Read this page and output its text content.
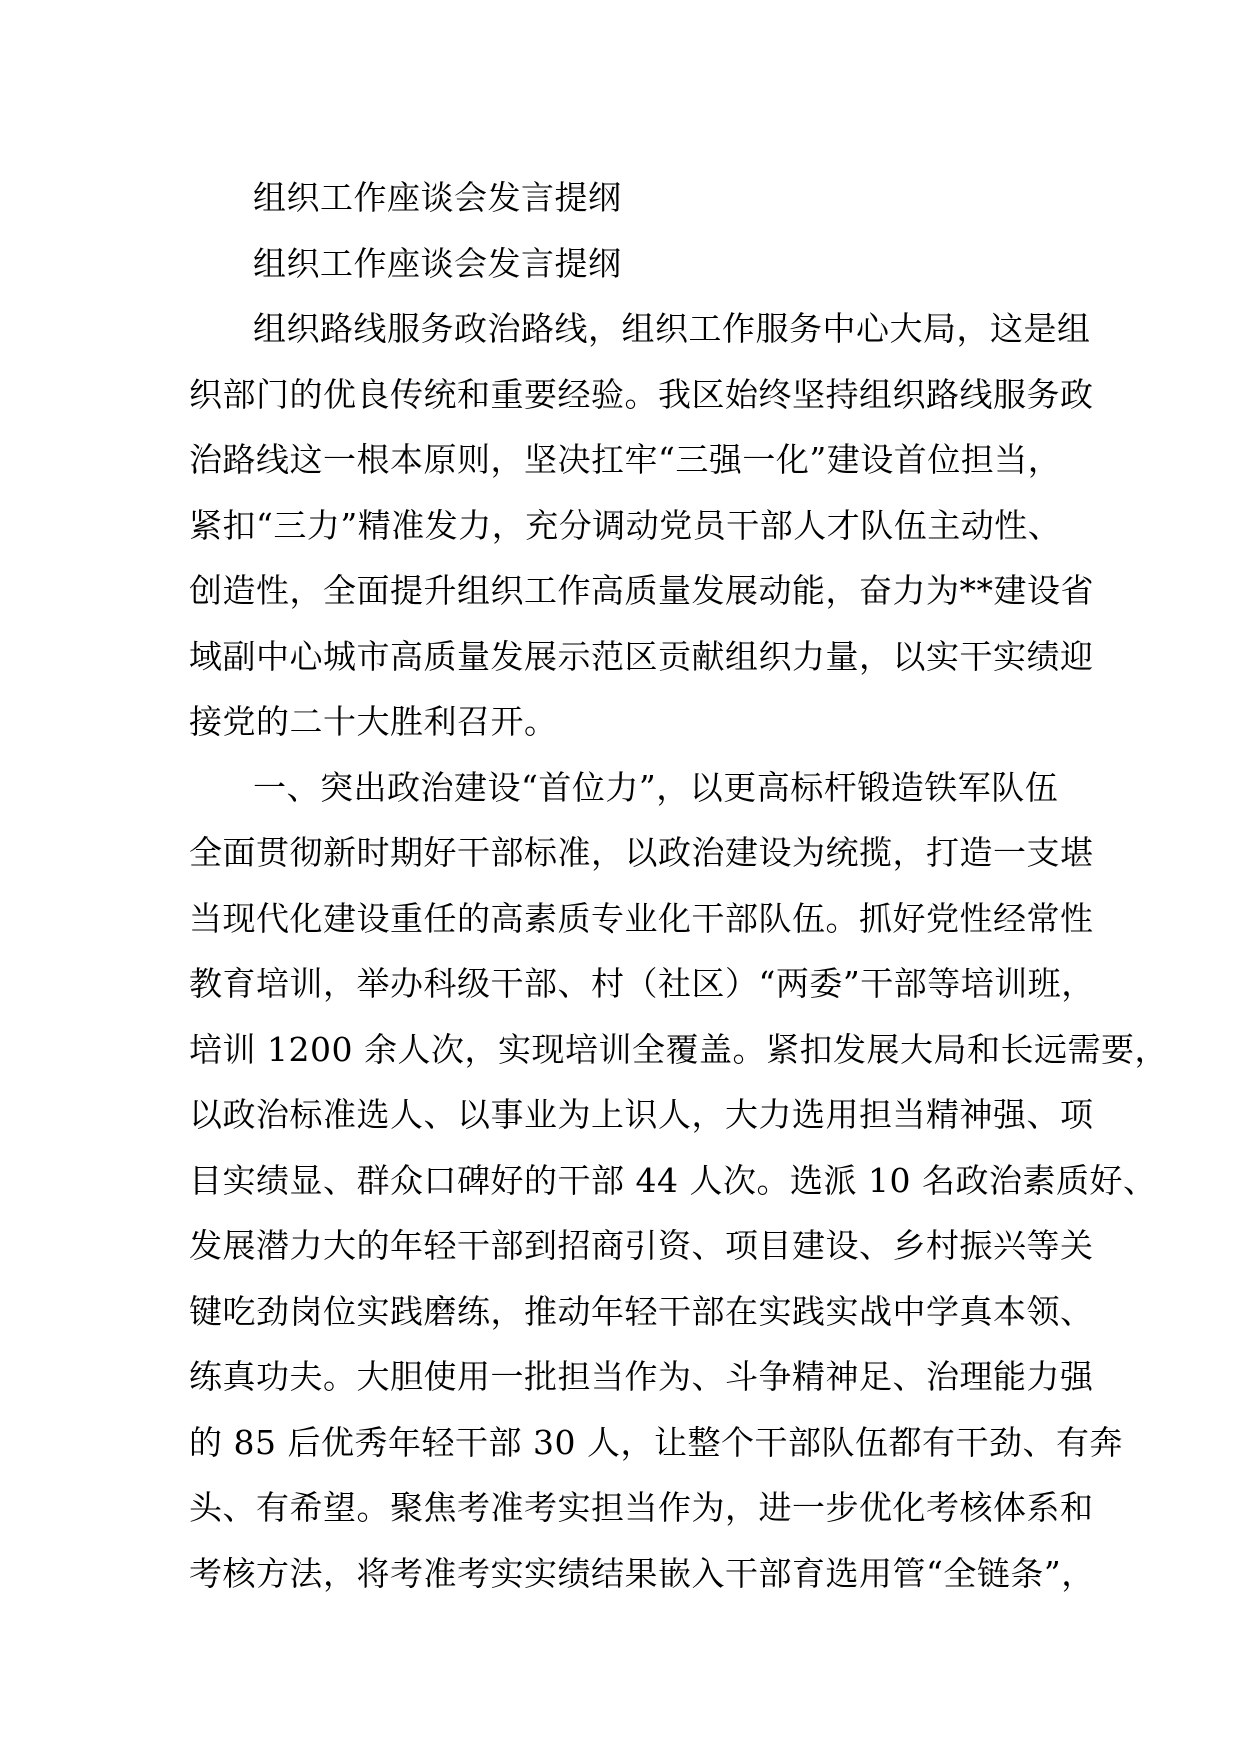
组织工作座谈会发言提纲
组织工作座谈会发言提纲
组织路线服务政治路线，组织工作服务中心大局，这是组
织部门的优良传统和重要经验。我区始终坚持组织路线服务政
治路线这一根本原则，坚决扛牢“三强一化”建设首位担当，
紧扣“三力”精准发力，充分调动党员干部人才队伍主动性、
创造性，全面提升组织工作高质量发展动能，奋力为**建设省
域副中心城市高质量发展示范区贡献组织力量，以实干实绩迎
接党的二十大胜利召开。
一、突出政治建设“首位力”，以更高标杆锻造铁军队伍
全面贯彻新时期好干部标准，以政治建设为统揽，打造一支堪
当现代化建设重任的高素质专业化干部队伍。抓好党性经常性
教育培训，举办科级干部、村（社区）“两委”干部等培训班，
培训 1200 余人次，实现培训全覆盖。紧扣发展大局和长远需要，
以政治标准选人、以事业为上识人，大力选用担当精神强、项
目实绩显、群众口碑好的干部 44 人次。选派 10 名政治素质好、
发展潜力大的年轻干部到招商引资、项目建设、乡村振兴等关
键吃劲岗位实践磨练，推动年轻干部在实践实战中学真本领、
练真功夫。大胆使用一批担当作为、斗争精神足、治理能力强
的 85 后优秀年轻干部 30 人，让整个干部队伍都有干劲、有奔
头、有希望。聚焦考准考实担当作为，进一步优化考核体系和
考核方法，将考准考实实绩结果嵌入干部育选用管“全链条”，
